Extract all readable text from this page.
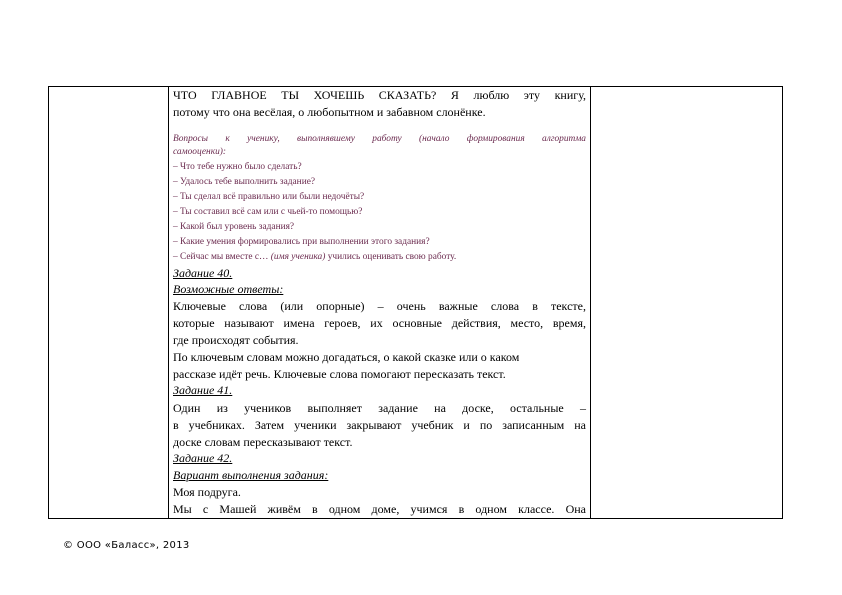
ЧТО ГЛАВНОЕ ТЫ ХОЧЕШЬ СКАЗАТЬ? Я люблю эту книгу,
потому что она весёлая, о любопытном и забавном слонёнке.
Вопросы к ученику, выполнявшему работу (начало формирования алгоритма
самооценки):
– Что тебе нужно было сделать?
– Удалось тебе выполнить задание?
– Ты сделал всё правильно или были недочёты?
– Ты составил всё сам или с чьей-то помощью?
– Какой был уровень задания?
– Какие умения формировались при выполнении этого задания?
– Сейчас мы вместе с… (имя ученика) учились оценивать свою работу.
Задание 40.
Возможные ответы:
Ключевые слова (или опорные) – очень важные слова в тексте,
которые называют имена героев, их основные действия, место, время,
где происходят события.
По ключевым словам можно догадаться, о какой сказке или о каком
рассказе идёт речь. Ключевые слова помогают пересказать текст.
Задание 41.
Один из учеников выполняет задание на доске, остальные –
в учебниках. Затем ученики закрывают учебник и по записанным на
доске словам пересказывают текст.
Задание 42.
Вариант выполнения задания:
Моя подруга.
Мы с Машей живём в одном доме, учимся в одном классе. Она
© ООО «Баласс», 2013
